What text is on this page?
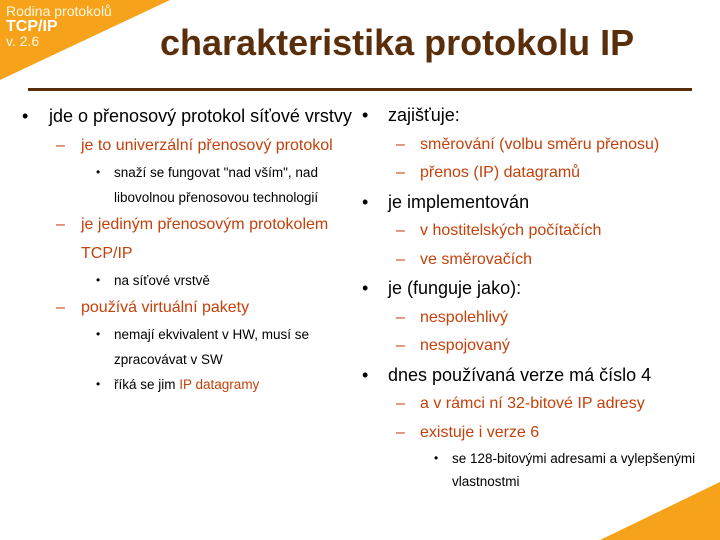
Rodina protokolů
TCP/IP
v. 2.6	charakteristika protokolu IP
• jde o přenosový protokol síťové vrstvy
– je to univerzální přenosový protokol
• snaží se fungovat "nad vším", nad libovolnou přenosovou technologií
– je jediným přenosovým protokolem TCP/IP
• na síťové vrstvě
– používá virtuální pakety
• nemají ekvivalent v HW, musí se zpracovávat v SW
• říká se jim IP datagramy
• zajišťuje:
– směrování (volbu směru přenosu)
– přenos (IP) datagramů
• je implementován
– v hostitelských počítačích
– ve směrovačích
• je (funguje jako):
– nespolehlivý
– nespojovaný
• dnes používaná verze má číslo 4
– a v rámci ní 32-bitové IP adresy
– existuje i verze 6
• se 128-bitovými adresami a vylepšenými vlastnostmi
